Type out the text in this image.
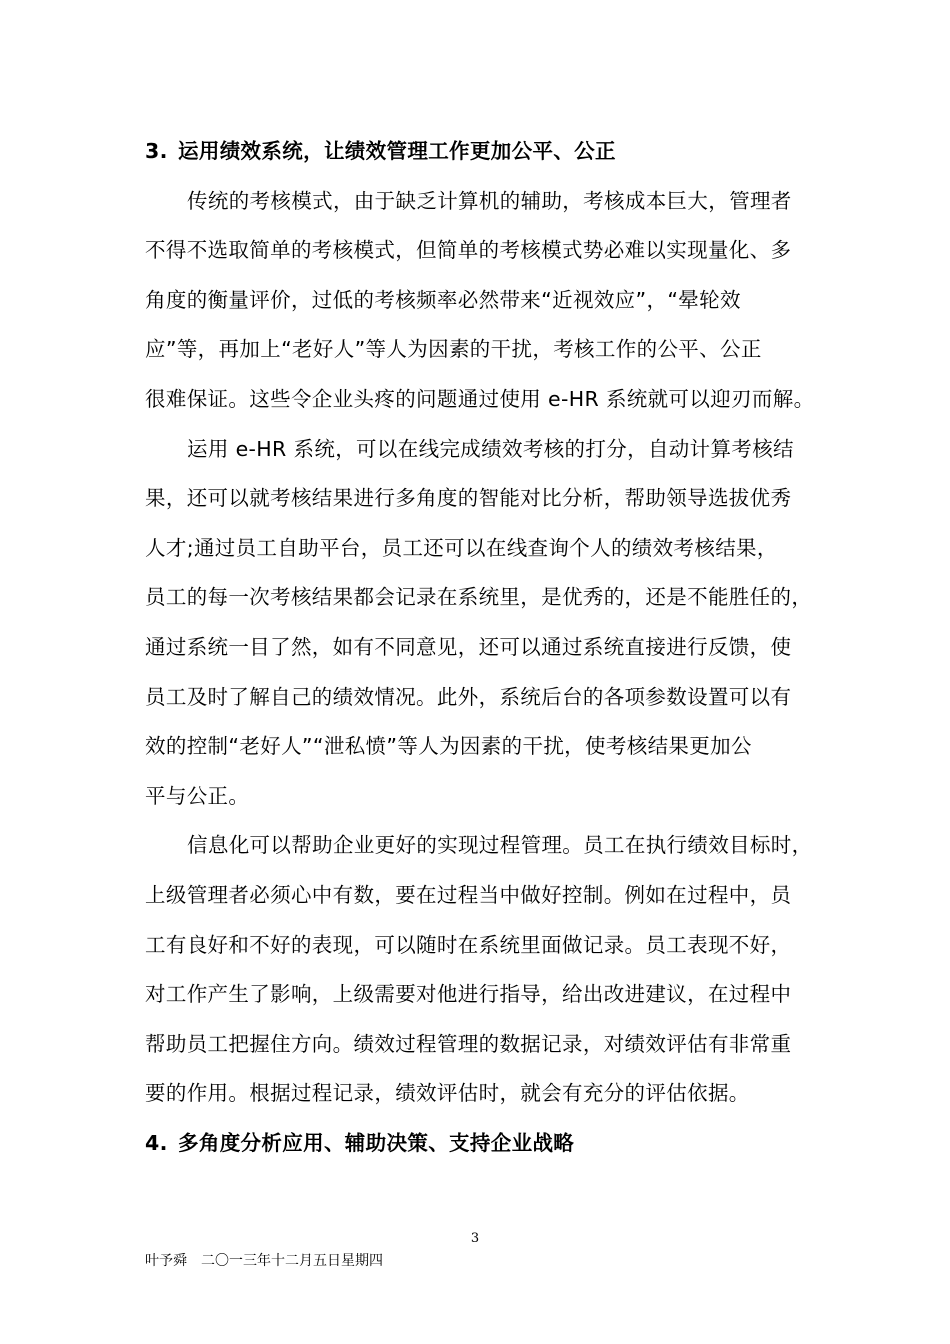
3. 运用绩效系统，让绩效管理工作更加公平、公正
传统的考核模式，由于缺乏计算机的辅助，考核成本巨大，管理者
不得不选取简单的考核模式，但简单的考核模式势必难以实现量化、多
角度的衡量评价，过低的考核频率必然带来“近视效应”，“晕轮效
应”等，再加上“老好人”等人为因素的干扰，考核工作的公平、公正
很难保证。这些令企业头疼的问题通过使用 e-HR 系统就可以迎刃而解。
运用 e-HR 系统，可以在线完成绩效考核的打分，自动计算考核结
果，还可以就考核结果进行多角度的智能对比分析，帮助领导选拔优秀
人才;通过员工自助平台，员工还可以在线查询个人的绩效考核结果，
员工的每一次考核结果都会记录在系统里，是优秀的，还是不能胜任的，
通过系统一目了然，如有不同意见，还可以通过系统直接进行反馈，使
员工及时了解自己的绩效情况。此外，系统后台的各项参数设置可以有
效的控制“老好人”“泄私愤”等人为因素的干扰，使考核结果更加公
平与公正。
信息化可以帮助企业更好的实现过程管理。员工在执行绩效目标时，
上级管理者必须心中有数，要在过程当中做好控制。例如在过程中，员
工有良好和不好的表现，可以随时在系统里面做记录。员工表现不好，
对工作产生了影响，上级需要对他进行指导，给出改进建议，在过程中
帮助员工把握住方向。绩效过程管理的数据记录，对绩效评估有非常重
要的作用。根据过程记录，绩效评估时，就会有充分的评估依据。
4. 多角度分析应用、辅助决策、支持企业战略
3
叶予舜 二〇一三年十二月五日星期四
